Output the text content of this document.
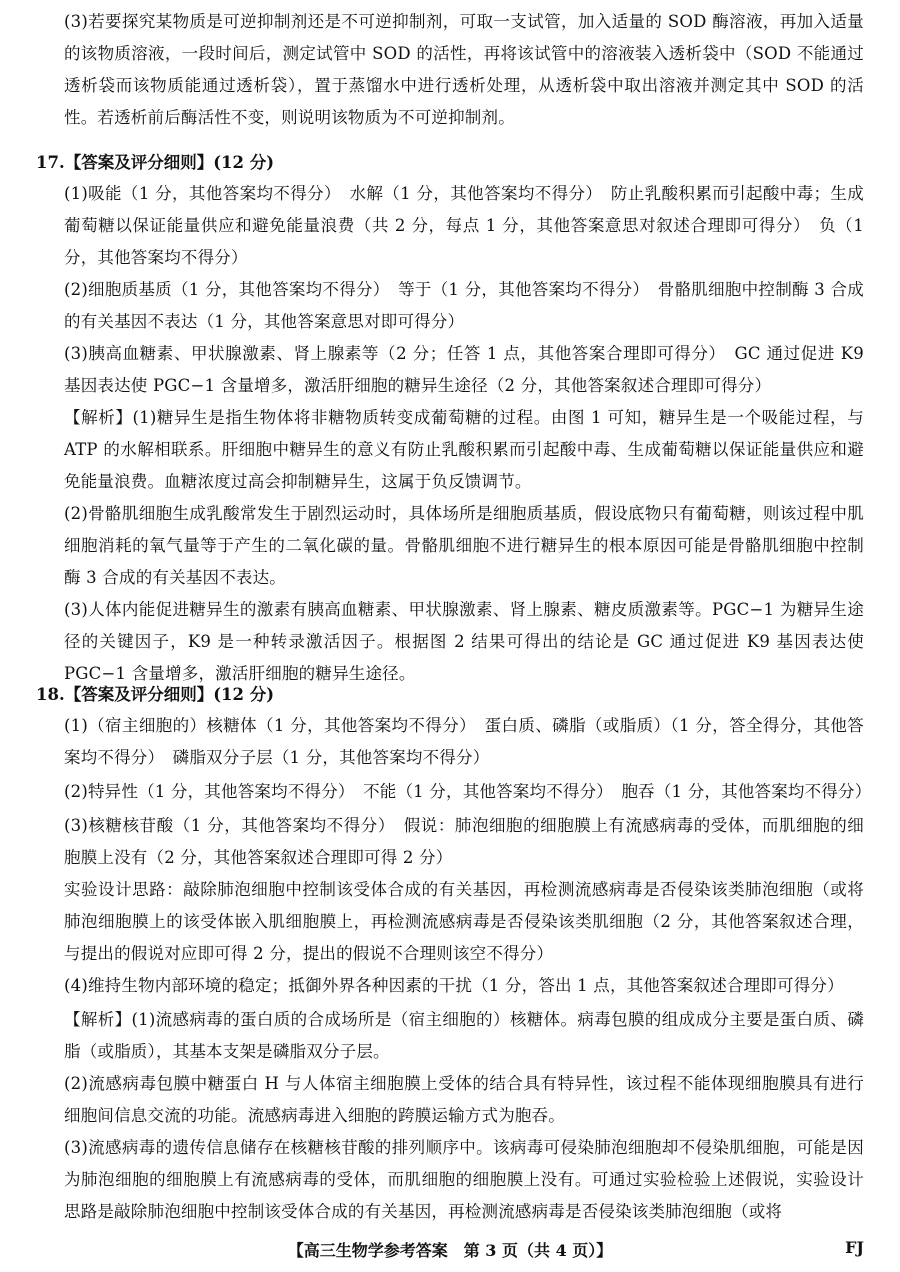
(3)若要探究某物质是可逆抑制剂还是不可逆抑制剂，可取一支试管，加入适量的 SOD 酶溶液，再加入适量的该物质溶液，一段时间后，测定试管中 SOD 的活性，再将该试管中的溶液装入透析袋中（SOD 不能通过透析袋而该物质能通过透析袋），置于蒸馏水中进行透析处理，从透析袋中取出溶液并测定其中 SOD 的活性。若透析前后酶活性不变，则说明该物质为不可逆抑制剂。
17.【答案及评分细则】(12 分)
(1)吸能（1 分，其他答案均不得分）　水解（1 分，其他答案均不得分）　防止乳酸积累而引起酸中毒；生成葡萄糖以保证能量供应和避免能量浪费（共 2 分，每点 1 分，其他答案意思对叙述合理即可得分）　负（1 分，其他答案均不得分）
(2)细胞质基质（1 分，其他答案均不得分）　等于（1 分，其他答案均不得分）　骨骼肌细胞中控制酶 3 合成的有关基因不表达（1 分，其他答案意思对即可得分）
(3)胰高血糖素、甲状腺激素、肾上腺素等（2 分；任答 1 点，其他答案合理即可得分）　GC 通过促进 K9 基因表达使 PGC−1 含量增多，激活肝细胞的糖异生途径（2 分，其他答案叙述合理即可得分）
【解析】(1)糖异生是指生物体将非糖物质转变成葡萄糖的过程。由图 1 可知，糖异生是一个吸能过程，与 ATP 的水解相联系。肝细胞中糖异生的意义有防止乳酸积累而引起酸中毒、生成葡萄糖以保证能量供应和避免能量浪费。血糖浓度过高会抑制糖异生，这属于负反馈调节。
(2)骨骼肌细胞生成乳酸常发生于剧烈运动时，具体场所是细胞质基质，假设底物只有葡萄糖，则该过程中肌细胞消耗的氧气量等于产生的二氧化碳的量。骨骼肌细胞不进行糖异生的根本原因可能是骨骼肌细胞中控制酶 3 合成的有关基因不表达。
(3)人体内能促进糖异生的激素有胰高血糖素、甲状腺激素、肾上腺素、糖皮质激素等。PGC−1 为糖异生途径的关键因子，K9 是一种转录激活因子。根据图 2 结果可得出的结论是 GC 通过促进 K9 基因表达使 PGC−1 含量增多，激活肝细胞的糖异生途径。
18.【答案及评分细则】(12 分)
(1)（宿主细胞的）核糖体（1 分，其他答案均不得分）　蛋白质、磷脂（或脂质）（1 分，答全得分，其他答案均不得分）　磷脂双分子层（1 分，其他答案均不得分）
(2)特异性（1 分，其他答案均不得分）　不能（1 分，其他答案均不得分）　胞吞（1 分，其他答案均不得分）
(3)核糖核苷酸（1 分，其他答案均不得分）　假说：肺泡细胞的细胞膜上有流感病毒的受体，而肌细胞的细胞膜上没有（2 分，其他答案叙述合理即可得 2 分）
实验设计思路：敲除肺泡细胞中控制该受体合成的有关基因，再检测流感病毒是否侵染该类肺泡细胞（或将肺泡细胞膜上的该受体嵌入肌细胞膜上，再检测流感病毒是否侵染该类肌细胞（2 分，其他答案叙述合理，与提出的假说对应即可得 2 分，提出的假说不合理则该空不得分）
(4)维持生物内部环境的稳定；抵御外界各种因素的干扰（1 分，答出 1 点，其他答案叙述合理即可得分）
【解析】(1)流感病毒的蛋白质的合成场所是（宿主细胞的）核糖体。病毒包膜的组成成分主要是蛋白质、磷脂（或脂质），其基本支架是磷脂双分子层。
(2)流感病毒包膜中糖蛋白 H 与人体宿主细胞膜上受体的结合具有特异性，该过程不能体现细胞膜具有进行细胞间信息交流的功能。流感病毒进入细胞的跨膜运输方式为胞吞。
(3)流感病毒的遗传信息储存在核糖核苷酸的排列顺序中。该病毒可侵染肺泡细胞却不侵染肌细胞，可能是因为肺泡细胞的细胞膜上有流感病毒的受体，而肌细胞的细胞膜上没有。可通过实验检验上述假说，实验设计思路是敲除肺泡细胞中控制该受体合成的有关基因，再检测流感病毒是否侵染该类肺泡细胞（或将
【高三生物学参考答案　第 3 页（共 4 页）】	FJ
